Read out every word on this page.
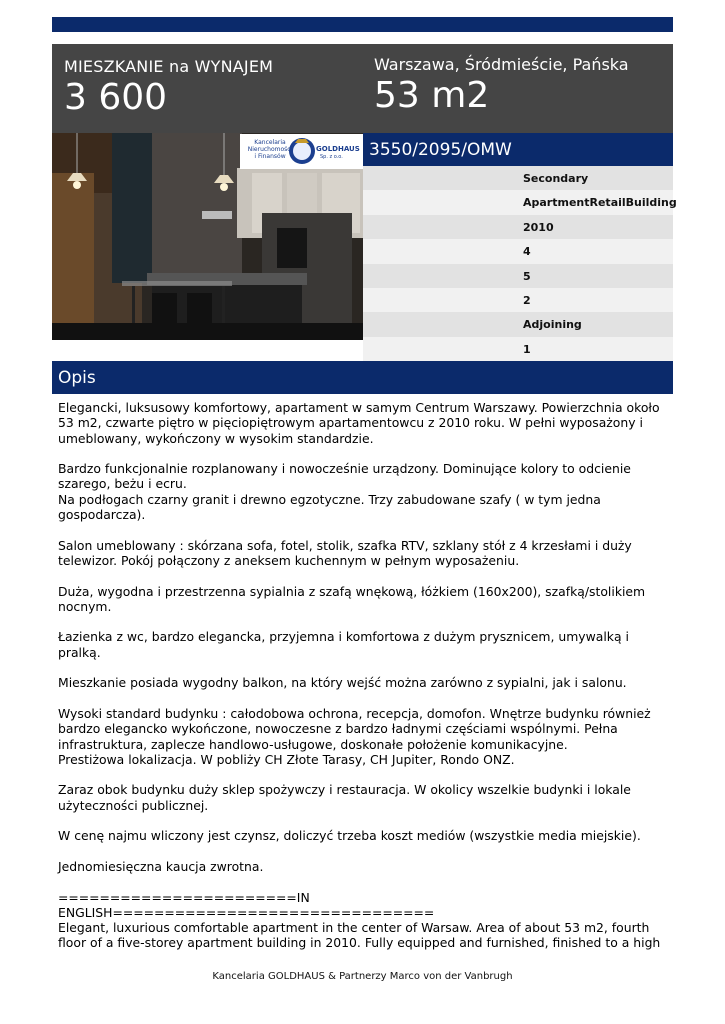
MIESZKANIE na WYNAJEM
3 600
Warszawa, Śródmieście, Pańska
53 m2
Kancelaria
Nieruchomości
i Finansów
GOLDHAUS
Sp. z o.o. 3550/2095/OMW
Secondary
ApartmentRetailBuilding
2010
4
5
2
Adjoining
1
Opis
Elegancki, luksusowy komfortowy, apartament w samym Centrum Warszawy. Powierzchnia około 53 m2, czwarte piętro w pięciopiętrowym apartamentowcu z 2010 roku. W pełni wyposażony i umeblowany, wykończony w wysokim standardzie.

Bardzo funkcjonalnie rozplanowany i nowocześnie urządzony. Dominujące kolory to odcienie szarego, beżu i ecru.
Na podłogach czarny granit i drewno egzotyczne. Trzy zabudowane szafy ( w tym jedna gospodarcza).

Salon umeblowany : skórzana sofa, fotel, stolik, szafka RTV, szklany stół z 4 krzesłami i duży telewizor. Pokój połączony z aneksem kuchennym w pełnym wyposażeniu.

Duża, wygodna i przestrzenna sypialnia z szafą wnękową, łóżkiem (160x200), szafką/stolikiem nocnym.

Łazienka z wc, bardzo elegancka, przyjemna i komfortowa z dużym prysznicem, umywalką i pralką.

Mieszkanie posiada wygodny balkon, na który wejść można zarówno z sypialni, jak i salonu.

Wysoki standard budynku : całodobowa ochrona, recepcja, domofon. Wnętrze budynku również bardzo elegancko wykończone, nowoczesne z bardzo ładnymi częściami wspólnymi. Pełna infrastruktura, zaplecze handlowo-usługowe, doskonałe położenie komunikacyjne.
Prestiżowa lokalizacja. W pobliży CH Złote Tarasy, CH Jupiter, Rondo ONZ.

Zaraz obok budynku duży sklep spożywczy i restauracja. W okolicy wszelkie budynki i lokale użyteczności publicznej.

W cenę najmu wliczony jest czynsz, doliczyć trzeba koszt mediów (wszystkie media miejskie).

Jednomiesięczna kaucja zwrotna.

=======================IN
ENGLISH===============================
Elegant, luxurious comfortable apartment in the center of Warsaw. Area of about 53 m2, fourth floor of a five-storey apartment building in 2010. Fully equipped and furnished, finished to a high
Kancelaria GOLDHAUS & Partnerzy Marco von der Vanbrugh
